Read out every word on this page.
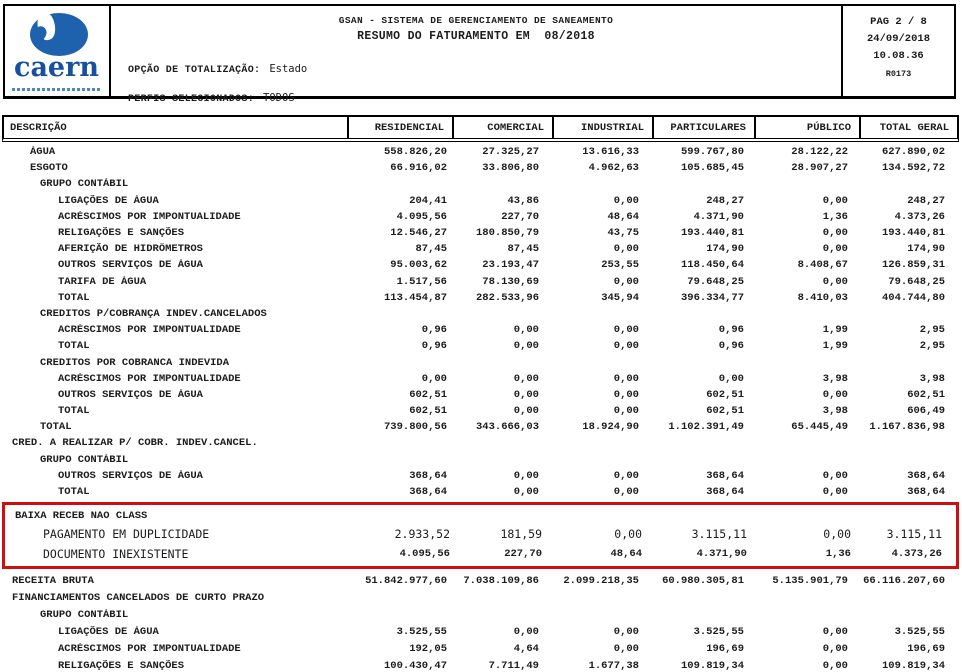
caern
GSAN - SISTEMA DE GERENCIAMENTO DE SANEAMENTO
RESUMO DO FATURAMENTO EM  08/2018
OPÇÃO DE TOTALIZAÇÃO: Estado
PERFIS SELECIONADOS: TODOS
PAG 2 / 8
24/09/2018
10.08.36
R0173
DESCRIÇÃO	RESIDENCIAL	COMERCIAL	INDUSTRIAL	PARTICULARES	PÚBLICO	TOTAL GERAL
ÁGUA	558.826,20	27.325,27	13.616,33	599.767,80	28.122,22	627.890,02
ESGOTO	66.916,02	33.806,80	4.962,63	105.685,45	28.907,27	134.592,72
GRUPO CONTÁBIL
LIGAÇÕES DE ÁGUA	204,41	43,86	0,00	248,27	0,00	248,27
ACRÉSCIMOS POR IMPONTUALIDADE	4.095,56	227,70	48,64	4.371,90	1,36	4.373,26
RELIGAÇÕES E SANÇÕES	12.546,27	180.850,79	43,75	193.440,81	0,00	193.440,81
AFERIÇÃO DE HIDRÔMETROS	87,45	87,45	0,00	174,90	0,00	174,90
OUTROS SERVIÇOS DE ÁGUA	95.003,62	23.193,47	253,55	118.450,64	8.408,67	126.859,31
TARIFA DE ÁGUA	1.517,56	78.130,69	0,00	79.648,25	0,00	79.648,25
TOTAL	113.454,87	282.533,96	345,94	396.334,77	8.410,03	404.744,80
CREDITOS P/COBRANÇA INDEV.CANCELADOS
ACRÉSCIMOS POR IMPONTUALIDADE	0,96	0,00	0,00	0,96	1,99	2,95
TOTAL	0,96	0,00	0,00	0,96	1,99	2,95
CREDITOS POR COBRANCA INDEVIDA
ACRÉSCIMOS POR IMPONTUALIDADE	0,00	0,00	0,00	0,00	3,98	3,98
OUTROS SERVIÇOS DE ÁGUA	602,51	0,00	0,00	602,51	0,00	602,51
TOTAL	602,51	0,00	0,00	602,51	3,98	606,49
TOTAL	739.800,56	343.666,03	18.924,90	1.102.391,49	65.445,49	1.167.836,98
CRED. A REALIZAR P/ COBR. INDEV.CANCEL.
GRUPO CONTÁBIL
OUTROS SERVIÇOS DE ÁGUA	368,64	0,00	0,00	368,64	0,00	368,64
TOTAL	368,64	0,00	0,00	368,64	0,00	368,64
BAIXA RECEB NAO CLASS
PAGAMENTO EM DUPLICIDADE	2.933,52	181,59	0,00	3.115,11	0,00	3.115,11
DOCUMENTO INEXISTENTE	4.095,56	227,70	48,64	4.371,90	1,36	4.373,26
RECEITA BRUTA	51.842.977,60	7.038.109,86	2.099.218,35	60.980.305,81	5.135.901,79	66.116.207,60
FINANCIAMENTOS CANCELADOS DE CURTO PRAZO
GRUPO CONTÁBIL
LIGAÇÕES DE ÁGUA	3.525,55	0,00	0,00	3.525,55	0,00	3.525,55
ACRÉSCIMOS POR IMPONTUALIDADE	192,05	4,64	0,00	196,69	0,00	196,69
RELIGAÇÕES E SANÇÕES	100.430,47	7.711,49	1.677,38	109.819,34	0,00	109.819,34
